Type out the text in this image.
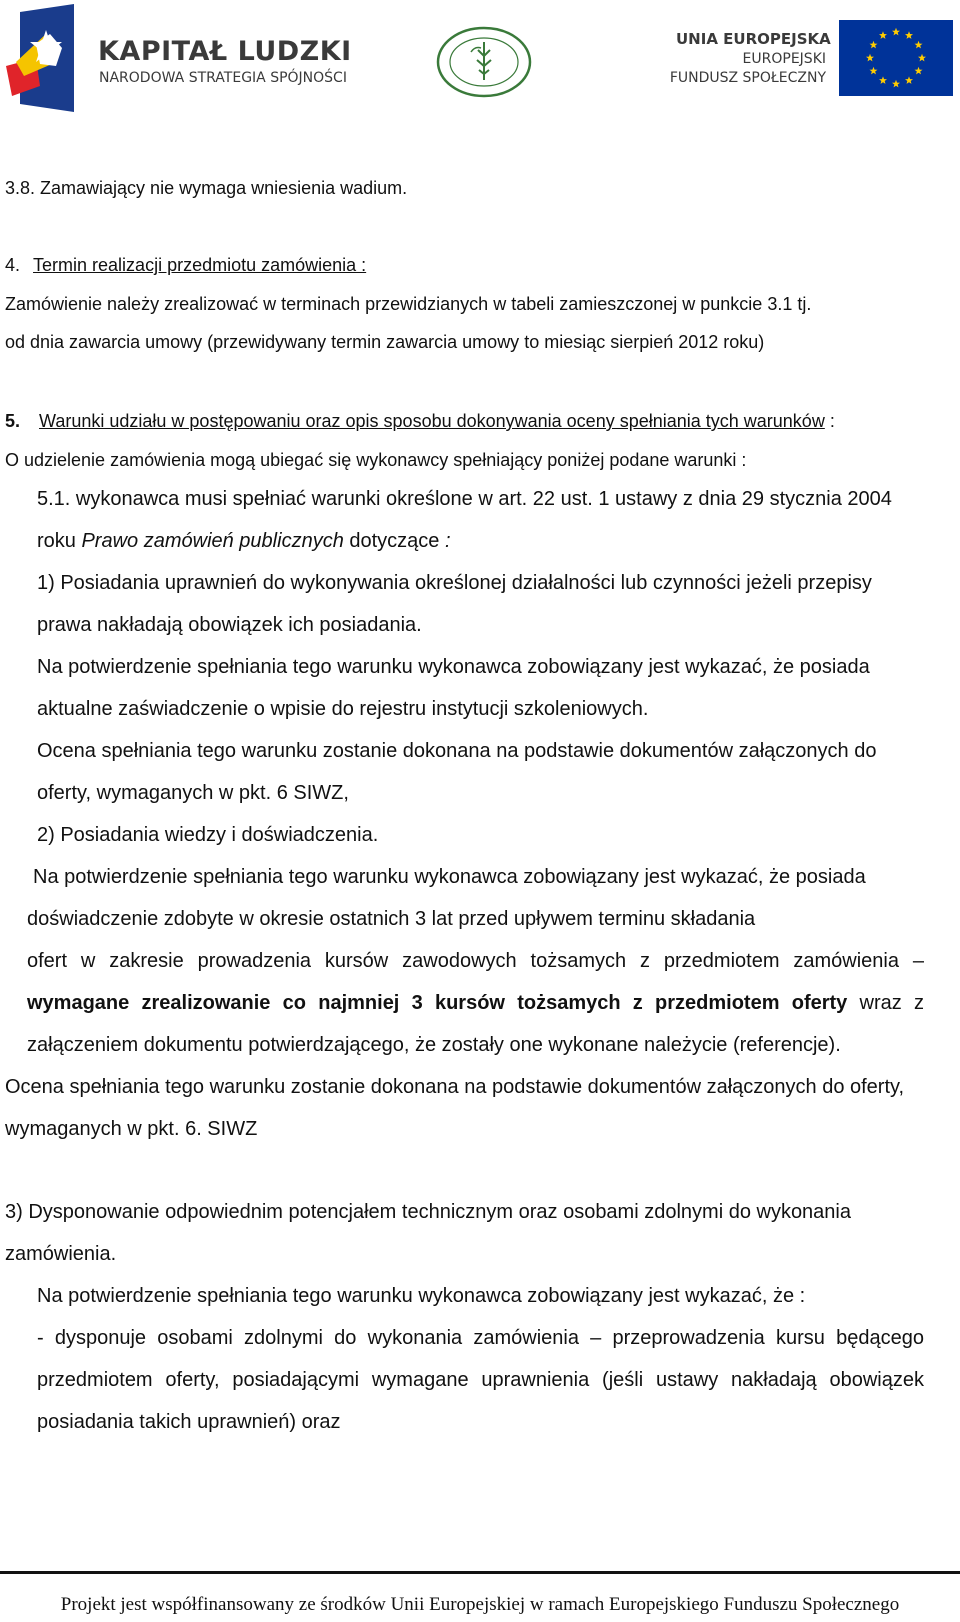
KAPITAŁ LUDZKI
NARODOWA STRATEGIA SPÓJNOŚCI
UNIA EUROPEJSKA
EUROPEJSKI
FUNDUSZ SPOŁECZNY
3.8. Zamawiający nie wymaga wniesienia wadium.
4. Termin realizacji przedmiotu zamówienia :
Zamówienie należy zrealizować w terminach przewidzianych w tabeli zamieszczonej w punkcie 3.1 tj.
od dnia zawarcia umowy (przewidywany termin zawarcia umowy to miesiąc sierpień 2012 roku)
5. Warunki udziału w postępowaniu oraz opis sposobu dokonywania oceny spełniania tych warunków :
O udzielenie zamówienia mogą ubiegać się wykonawcy spełniający poniżej podane warunki :
5.1. wykonawca musi spełniać warunki określone w art. 22 ust. 1 ustawy z dnia 29 stycznia 2004
roku Prawo zamówień publicznych dotyczące :
1) Posiadania uprawnień do wykonywania określonej działalności lub czynności jeżeli przepisy
prawa nakładają obowiązek ich posiadania.
Na potwierdzenie spełniania tego warunku wykonawca zobowiązany jest wykazać, że posiada
aktualne zaświadczenie o wpisie do rejestru instytucji szkoleniowych.
Ocena spełniania tego warunku zostanie dokonana na podstawie dokumentów załączonych do
oferty, wymaganych w pkt. 6 SIWZ,
2) Posiadania wiedzy i doświadczenia.
Na potwierdzenie spełniania tego warunku wykonawca zobowiązany jest wykazać, że posiada
doświadczenie zdobyte w okresie ostatnich 3 lat przed upływem terminu składania
ofert w zakresie prowadzenia kursów zawodowych tożsamych z przedmiotem zamówienia –
wymagane zrealizowanie co najmniej 3 kursów tożsamych z przedmiotem oferty wraz z
załączeniem dokumentu potwierdzającego, że zostały one wykonane należycie (referencje).
Ocena spełniania tego warunku zostanie dokonana na podstawie dokumentów załączonych do oferty,
wymaganych w pkt. 6. SIWZ
3) Dysponowanie odpowiednim potencjałem technicznym oraz osobami zdolnymi do wykonania
zamówienia.
Na potwierdzenie spełniania tego warunku wykonawca zobowiązany jest wykazać, że :
- dysponuje osobami zdolnymi do wykonania zamówienia – przeprowadzenia kursu będącego
przedmiotem oferty, posiadającymi wymagane uprawnienia (jeśli ustawy nakładają obowiązek
posiadania takich uprawnień) oraz
Projekt jest współfinansowany ze środków Unii Europejskiej w ramach Europejskiego Funduszu Społecznego
